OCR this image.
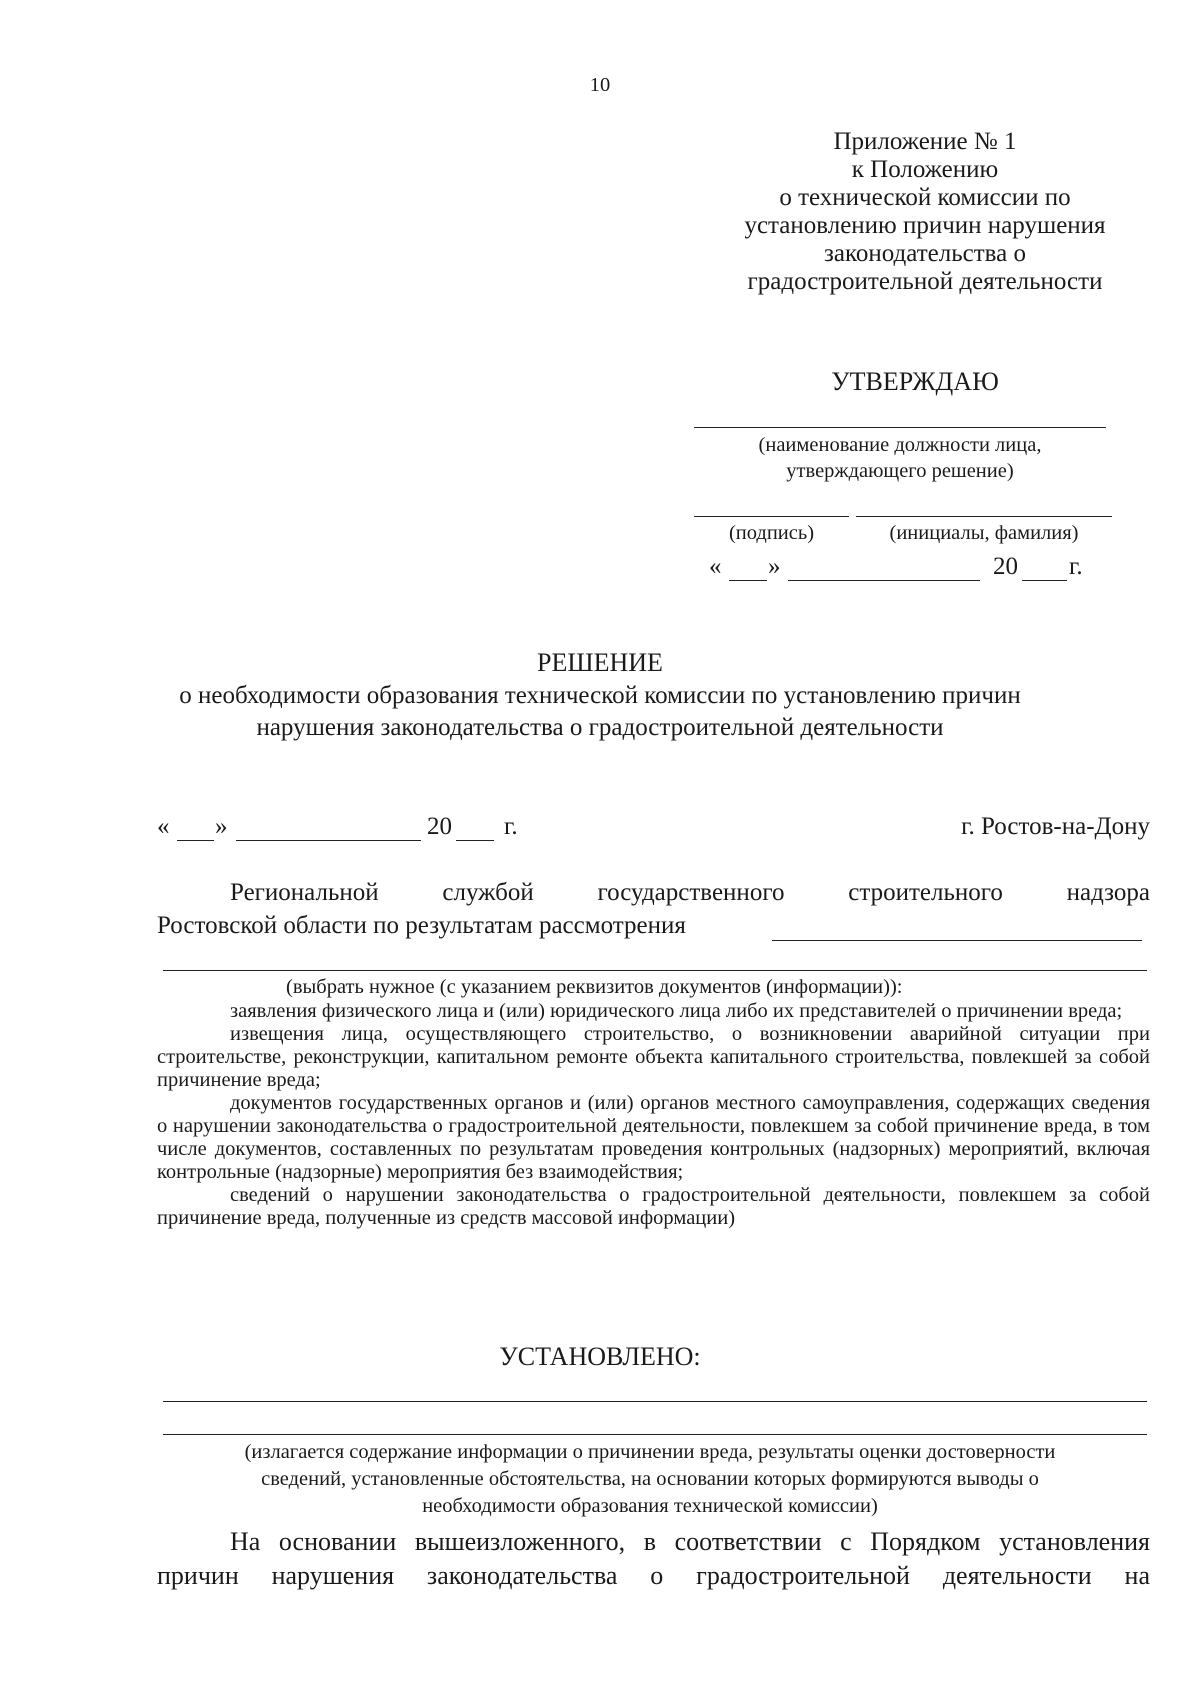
10
Приложение № 1
к Положению
о технической комиссии по
установлению причин нарушения
законодательства о
градостроительной деятельности
УТВЕРЖДАЮ
(наименование должности лица,
утверждающего решение)
(подпись)	(инициалы, фамилия)
« »	20 г.
РЕШЕНИЕ
о необходимости образования технической комиссии по установлению причин
нарушения законодательства о градостроительной деятельности
« »	20 г.	г. Ростов-на-Дону
Региональной службой государственного строительного надзора
Ростовской области по результатам рассмотрения
(выбрать нужное (с указанием реквизитов документов (информации)):
заявления физического лица и (или) юридического лица либо их представителей о причинении вреда;
извещения лица, осуществляющего строительство, о возникновении аварийной ситуации при строительстве, реконструкции, капитальном ремонте объекта капитального строительства, повлекшей за собой причинение вреда;
документов государственных органов и (или) органов местного самоуправления, содержащих сведения о нарушении законодательства о градостроительной деятельности, повлекшем за собой причинение вреда, в том числе документов, составленных по результатам проведения контрольных (надзорных) мероприятий, включая контрольные (надзорные) мероприятия без взаимодействия;
сведений о нарушении законодательства о градостроительной деятельности, повлекшем за собой причинение вреда, полученные из средств массовой информации)
УСТАНОВЛЕНО:
(излагается содержание информации о причинении вреда, результаты оценки достоверности
сведений, установленные обстоятельства, на основании которых формируются выводы о
необходимости образования технической комиссии)
На основании вышеизложенного, в соответствии с Порядком установления
причин нарушения законодательства о градостроительной деятельности на
